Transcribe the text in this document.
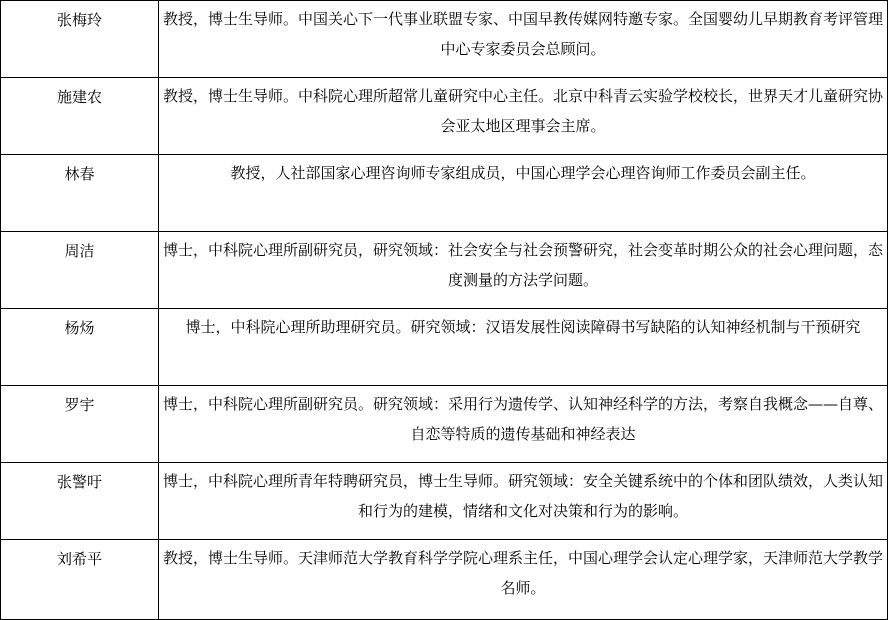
张梅玲	教授，博士生导师。中国关心下一代事业联盟专家、中国早教传媒网特邀专家。全国婴幼儿早期教育考评管理中心专家委员会总顾问。
施建农	教授，博士生导师。中科院心理所超常儿童研究中心主任。北京中科青云实验学校校长，世界天才儿童研究协会亚太地区理事会主席。
林春	教授，人社部国家心理咨询师专家组成员，中国心理学会心理咨询师工作委员会副主任。
周洁	博士，中科院心理所副研究员，研究领域：社会安全与社会预警研究，社会变革时期公众的社会心理问题，态度测量的方法学问题。
杨炀	博士，中科院心理所助理研究员。研究领域：汉语发展性阅读障碍书写缺陷的认知神经机制与干预研究
罗宇	博士，中科院心理所副研究员。研究领域：采用行为遗传学、认知神经科学的方法，考察自我概念——自尊、自恋等特质的遗传基础和神经表达
张警吁	博士，中科院心理所青年特聘研究员，博士生导师。研究领域：安全关键系统中的个体和团队绩效，人类认知和行为的建模，情绪和文化对决策和行为的影响。
刘希平	教授，博士生导师。天津师范大学教育科学学院心理系主任，中国心理学会认定心理学家，天津师范大学教学名师。
